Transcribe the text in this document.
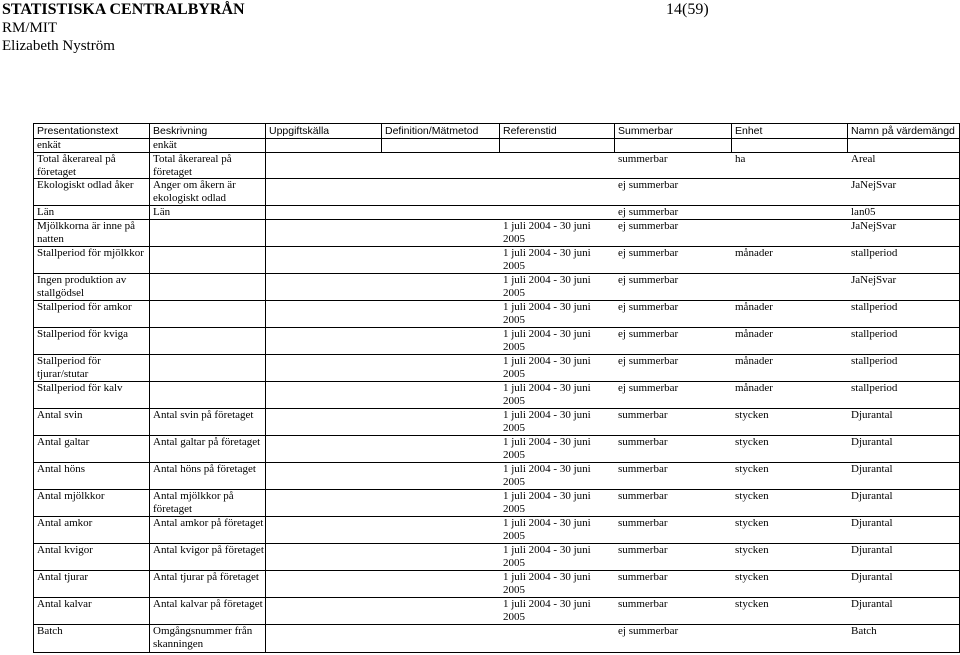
STATISTISKA CENTRALBYRÅN	14(59)
RM/MIT
Elizabeth Nyström
Presentationstext	Beskrivning	Uppgiftskälla	Definition/Mätmetod	Referenstid	Summerbar	Enhet	Namn på värdemängd
enkät	enkät						
Total åkerareal på företaget	Total åkerareal på företaget				summerbar	ha	Areal
Ekologiskt odlad åker	Anger om åkern är ekologiskt odlad				ej summerbar		JaNejSvar
Län	Län				ej summerbar		lan05
Mjölkkorna är inne på natten				1 juli 2004 - 30 juni 2005	ej summerbar		JaNejSvar
Stallperiod för mjölkkor				1 juli 2004 - 30 juni 2005	ej summerbar	månader	stallperiod
Ingen produktion av stallgödsel				1 juli 2004 - 30 juni 2005	ej summerbar		JaNejSvar
Stallperiod för amkor				1 juli 2004 - 30 juni 2005	ej summerbar	månader	stallperiod
Stallperiod för kviga				1 juli 2004 - 30 juni 2005	ej summerbar	månader	stallperiod
Stallperiod för tjurar/stutar				1 juli 2004 - 30 juni 2005	ej summerbar	månader	stallperiod
Stallperiod för kalv				1 juli 2004 - 30 juni 2005	ej summerbar	månader	stallperiod
Antal svin	Antal svin på företaget			1 juli 2004 - 30 juni 2005	summerbar	stycken	Djurantal
Antal galtar	Antal galtar på företaget			1 juli 2004 - 30 juni 2005	summerbar	stycken	Djurantal
Antal höns	Antal höns på företaget			1 juli 2004 - 30 juni 2005	summerbar	stycken	Djurantal
Antal mjölkkor	Antal mjölkkor på företaget			1 juli 2004 - 30 juni 2005	summerbar	stycken	Djurantal
Antal amkor	Antal amkor på företaget			1 juli 2004 - 30 juni 2005	summerbar	stycken	Djurantal
Antal kvigor	Antal kvigor på företaget			1 juli 2004 - 30 juni 2005	summerbar	stycken	Djurantal
Antal tjurar	Antal tjurar på företaget			1 juli 2004 - 30 juni 2005	summerbar	stycken	Djurantal
Antal kalvar	Antal kalvar på företaget			1 juli 2004 - 30 juni 2005	summerbar	stycken	Djurantal
Batch	Omgångsnummer från skanningen				ej summerbar		Batch
